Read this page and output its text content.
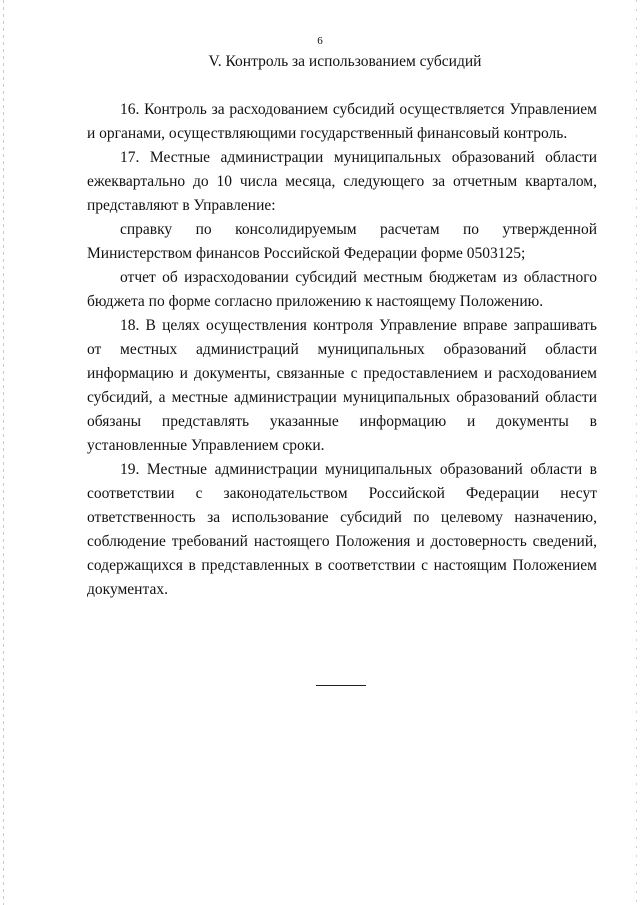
6
V. Контроль за использованием субсидий

16. Контроль за расходованием субсидий осуществляется Управлением и органами, осуществляющими государственный финансовый контроль.

17. Местные администрации муниципальных образований области ежеквартально до 10 числа месяца, следующего за отчетным кварталом, представляют в Управление:

справку по консолидируемым расчетам по утвержденной Министерством финансов Российской Федерации форме 0503125;

отчет об израсходовании субсидий местным бюджетам из областного бюджета по форме согласно приложению к настоящему Положению.

18. В целях осуществления контроля Управление вправе запрашивать от местных администраций муниципальных образований области информацию и документы, связанные с предоставлением и расходованием субсидий, а местные администрации муниципальных образований области обязаны представлять указанные информацию и документы в установленные Управлением сроки.

19. Местные администрации муниципальных образований области в соответствии с законодательством Российской Федерации несут ответственность за использование субсидий по целевому назначению, соблюдение требований настоящего Положения и достоверность сведений, содержащихся в представленных в соответствии с настоящим Положением документах.
